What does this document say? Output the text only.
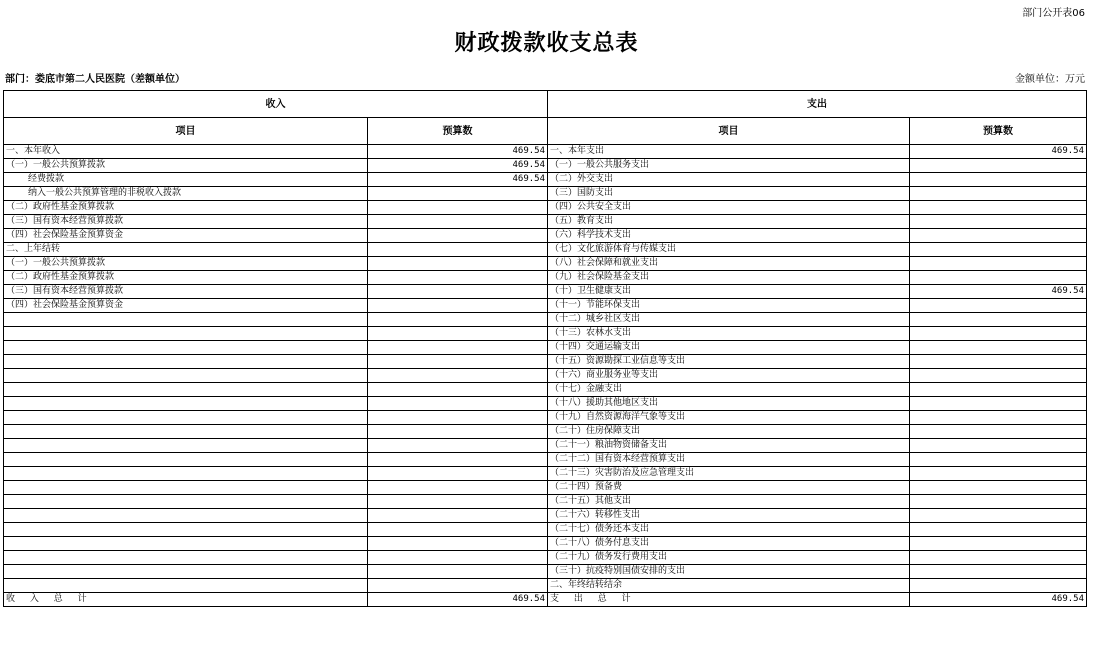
部门公开表06
财政拨款收支总表
部门：娄底市第二人民医院（差额单位）	金额单位：万元
收入		支出	
项目	预算数	项目	预算数
一、本年收入	469.54	一、本年支出	469.54
（一）一般公共预算拨款	469.54	（一）一般公共服务支出	
经费拨款	469.54	（二）外交支出	
纳入一般公共预算管理的非税收入拨款		（三）国防支出	
（二）政府性基金预算拨款		（四）公共安全支出	
（三）国有资本经营预算拨款		（五）教育支出	
（四）社会保险基金预算资金		（六）科学技术支出	
二、上年结转		（七）文化旅游体育与传媒支出	
（一）一般公共预算拨款		（八）社会保障和就业支出	
（二）政府性基金预算拨款		（九）社会保险基金支出	
（三）国有资本经营预算拨款		（十）卫生健康支出	469.54
（四）社会保险基金预算资金		（十一）节能环保支出	
		（十二）城乡社区支出	
		（十三）农林水支出	
		（十四）交通运输支出	
		（十五）资源勘探工业信息等支出	
		（十六）商业服务业等支出	
		（十七）金融支出	
		（十八）援助其他地区支出	
		（十九）自然资源海洋气象等支出	
		（二十）住房保障支出	
		（二十一）粮油物资储备支出	
		（二十二）国有资本经营预算支出	
		（二十三）灾害防治及应急管理支出	
		（二十四）预备费	
		（二十五）其他支出	
		（二十六）转移性支出	
		（二十七）债务还本支出	
		（二十八）债务付息支出	
		（二十九）债务发行费用支出	
		（三十）抗疫特别国债安排的支出	
		二、年终结转结余	
收 入 总 计	469.54	支 出 总 计	469.54
